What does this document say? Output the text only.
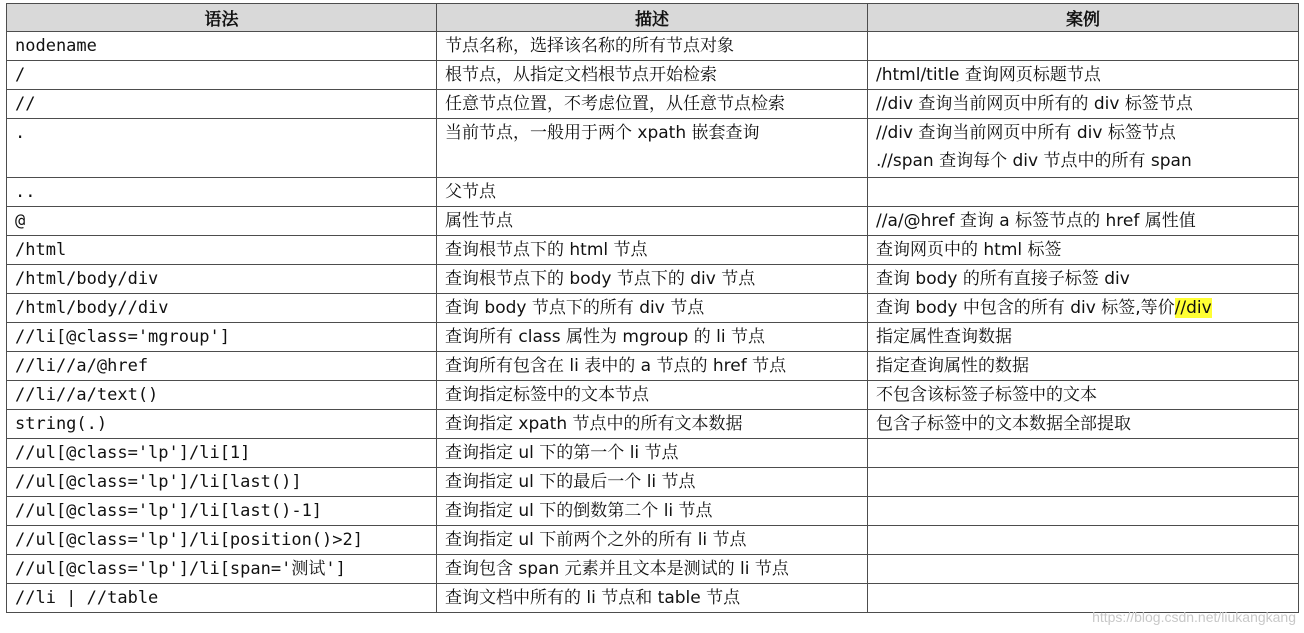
语法	描述	案例
nodename	节点名称，选择该名称的所有节点对象	
/	根节点，从指定文档根节点开始检索	/html/title 查询网页标题节点

//	任意节点位置，不考虑位置，从任意节点检索	//div 查询当前网页中所有的 div 标签节点

.	当前节点，一般用于两个 xpath 嵌套查询	//div 查询当前网页中所有 div 标签节点
.//span 查询每个 div 节点中的所有 span

..	父节点	
@	属性节点	//a/@href 查询 a 标签节点的 href 属性值

/html	查询根节点下的 html 节点	查询网页中的 html 标签

/html/body/div	查询根节点下的 body 节点下的 div 节点	查询 body 的所有直接子标签 div

/html/body//div	查询 body 节点下的所有 div 节点	查询 body 中包含的所有 div 标签,等价//div

//li[@class='mgroup']	查询所有 class 属性为 mgroup 的 li 节点	指定属性查询数据

//li//a/@href	查询所有包含在 li 表中的 a 节点的 href 节点	指定查询属性的数据

//li//a/text()	查询指定标签中的文本节点	不包含该标签子标签中的文本

string(.)	查询指定 xpath 节点中的所有文本数据	包含子标签中的文本数据全部提取

//ul[@class='lp']/li[1]	查询指定 ul 下的第一个 li 节点	
//ul[@class='lp']/li[last()]	查询指定 ul 下的最后一个 li 节点	
//ul[@class='lp']/li[last()-1]	查询指定 ul 下的倒数第二个 li 节点	
//ul[@class='lp']/li[position()>2]	查询指定 ul 下前两个之外的所有 li 节点	
//ul[@class='lp']/li[span='测试']	查询包含 span 元素并且文本是测试的 li 节点	
//li | //table	查询文档中所有的 li 节点和 table 节点	
https://blog.csdn.net/liukangkang
